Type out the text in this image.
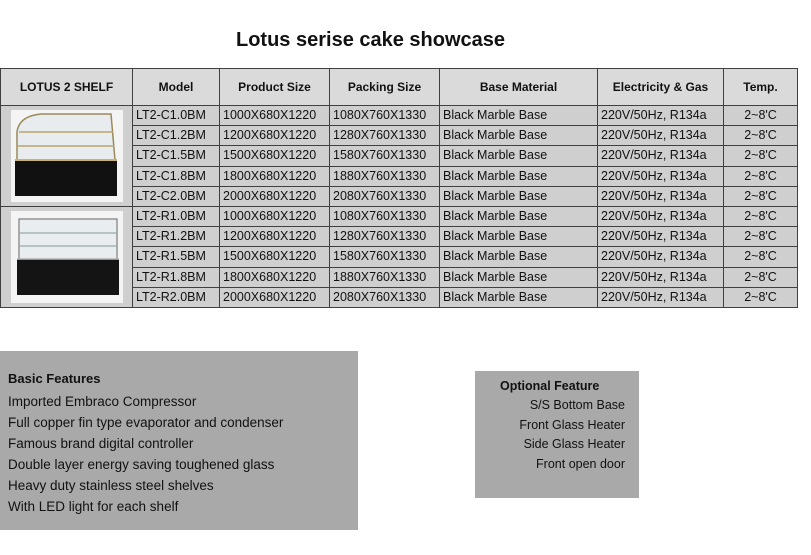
Lotus serise cake showcase
LOTUS 2 SHELF	Model	Product Size	Packing Size	Base Material	Electricity & Gas	Temp.

	LT2-C1.0BM	1000X680X1220	1080X760X1330	Black Marble Base	220V/50Hz, R134a	2~8'C
	LT2-C1.2BM	1200X680X1220	1280X760X1330	Black Marble Base	220V/50Hz, R134a	2~8'C
	LT2-C1.5BM	1500X680X1220	1580X760X1330	Black Marble Base	220V/50Hz, R134a	2~8'C
	LT2-C1.8BM	1800X680X1220	1880X760X1330	Black Marble Base	220V/50Hz, R134a	2~8'C
	LT2-C2.0BM	2000X680X1220	2080X760X1330	Black Marble Base	220V/50Hz, R134a	2~8'C

	LT2-R1.0BM	1000X680X1220	1080X760X1330	Black Marble Base	220V/50Hz, R134a	2~8'C
	LT2-R1.2BM	1200X680X1220	1280X760X1330	Black Marble Base	220V/50Hz, R134a	2~8'C
	LT2-R1.5BM	1500X680X1220	1580X760X1330	Black Marble Base	220V/50Hz, R134a	2~8'C
	LT2-R1.8BM	1800X680X1220	1880X760X1330	Black Marble Base	220V/50Hz, R134a	2~8'C
	LT2-R2.0BM	2000X680X1220	2080X760X1330	Black Marble Base	220V/50Hz, R134a	2~8'C
Basic Features
Imported Embraco Compressor
Full copper fin type evaporator and condenser
Famous brand digital controller
Double layer energy saving toughened glass
Heavy duty stainless steel shelves
With LED light for each shelf
Optional Feature
S/S Bottom Base
Front Glass Heater
Side Glass Heater
Front open door
